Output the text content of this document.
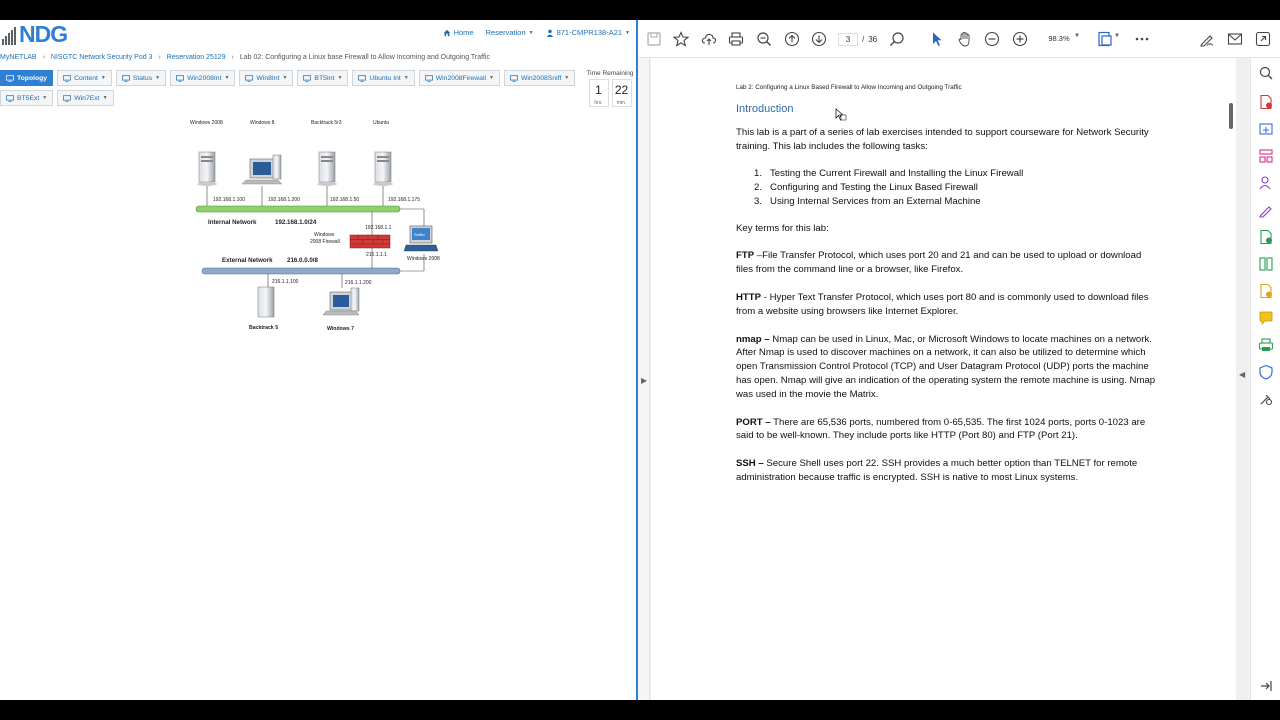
NDG	Home Reservation ▼	871-CMPR138-A21 ▼
MyNETLAB › NISGTC Network Security Pod 3 › Reservation 25129 › Lab 02: Configuring a Linux base Firewall to Allow Incoming and Outgoing Traffic
Topology	Content ▼	Status ▼	Win2008Int ▼	Win8Int ▼	BT5Int ▼	Ubuntu Int ▼	Win2008Firewall ▼	Win2008Sniff ▼
BT5Ext ▼	Win7Ext ▼
Time Remaining
1
hrs.
22
min.
Windows 2008	Windows 8	Backtrack 5r3	Ubuntu
192.168.1.100	192.168.1.200	192.168.1.50	192.168.1.175
Internal Network	192.168.1.0/24
192.168.1.1
Windows
2008 Firewall
216.1.1.1
Sniffer
Windows 2008
External Network 216.0.0.0/8
216.1.1.100	216.1.1.200
Backtrack 5	Windows 7
3	/ 36	98.3% ▼	▼
▶
Lab 2: Configuring a Linux Based Firewall to Allow Incoming and Outgoing Traffic
Introduction
This lab is a part of a series of lab exercises intended to support courseware for Network Security training. This lab includes the following tasks:
1. Testing the Current Firewall and Installing the Linux Firewall
2. Configuring and Testing the Linux Based Firewall
3. Using Internal Services from an External Machine
Key terms for this lab:
FTP –File Transfer Protocol, which uses port 20 and 21 and can be used to upload or download files from the command line or a browser, like Firefox.
HTTP - Hyper Text Transfer Protocol, which uses port 80 and is commonly used to download files from a website using browsers like Internet Explorer.
nmap – Nmap can be used in Linux, Mac, or Microsoft Windows to locate machines on a network. After Nmap is used to discover machines on a network, it can also be utilized to determine which open Transmission Control Protocol (TCP) and User Datagram Protocol (UDP) ports the machine has open. Nmap will give an indication of the operating system the remote machine is using. Nmap was used in the movie the Matrix.
PORT – There are 65,536 ports, numbered from 0-65,535. The first 1024 ports, ports 0-1023 are said to be well-known. They include ports like HTTP (Port 80) and FTP (Port 21).
SSH – Secure Shell uses port 22. SSH provides a much better option than TELNET for remote administration because traffic is encrypted. SSH is native to most Linux systems.
◀
